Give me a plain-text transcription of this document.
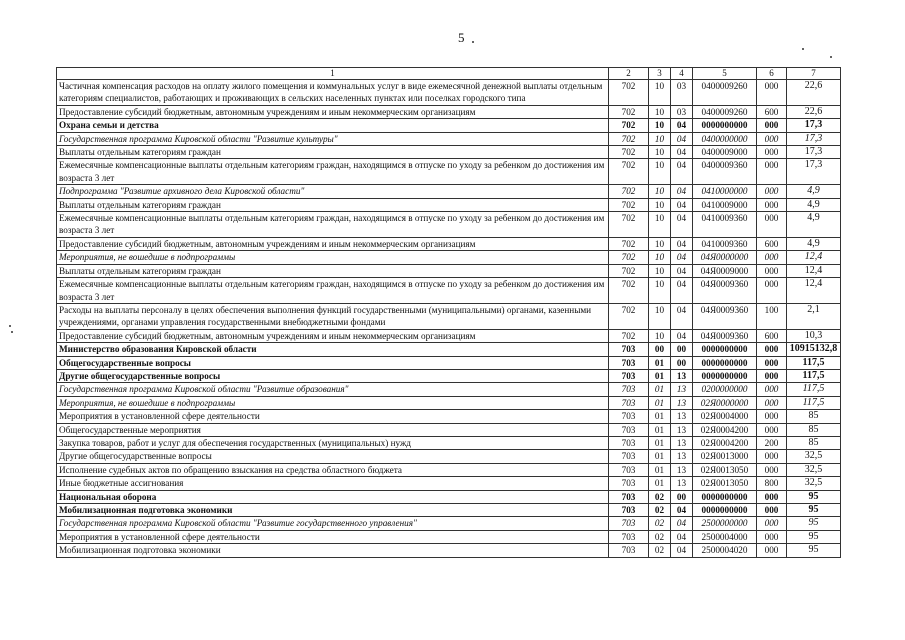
5
1	2	3	4	5	6	7
Частичная компенсация расходов на оплату жилого помещения и коммунальных услуг в виде ежемесячной денежной выплаты отдельным категориям специалистов, работающих и проживающих в сельских населенных пунктах или поселках городского типа	702	10	03	0400009260	000	22,6
Предоставление субсидий бюджетным, автономным учреждениям и иным некоммерческим организациям	702	10	03	0400009260	600	22,6
Охрана семьи и детства	702	10	04	0000000000	000	17,3
Государственная программа Кировской области "Развитие культуры"	702	10	04	0400000000	000	17,3
Выплаты отдельным категориям граждан	702	10	04	0400009000	000	17,3
Ежемесячные компенсационные выплаты отдельным категориям граждан, находящимся в отпуске по уходу за ребенком до достижения им возраста 3 лет	702	10	04	0400009360	000	17,3
Подпрограмма "Развитие архивного дела Кировской области"	702	10	04	0410000000	000	4,9
Выплаты отдельным категориям граждан	702	10	04	0410009000	000	4,9
Ежемесячные компенсационные выплаты отдельным категориям граждан, находящимся в отпуске по уходу за ребенком до достижения им возраста 3 лет	702	10	04	0410009360	000	4,9
Предоставление субсидий бюджетным, автономным учреждениям и иным некоммерческим организациям	702	10	04	0410009360	600	4,9
Мероприятия, не вошедшие в подпрограммы	702	10	04	04Я0000000	000	12,4
Выплаты отдельным категориям граждан	702	10	04	04Я0009000	000	12,4
Ежемесячные компенсационные выплаты отдельным категориям граждан, находящимся в отпуске по уходу за ребенком до достижения им возраста 3 лет	702	10	04	04Я0009360	000	12,4
Расходы на выплаты персоналу в целях обеспечения выполнения функций государственными (муниципальными) органами, казенными учреждениями, органами управления государственными внебюджетными фондами	702	10	04	04Я0009360	100	2,1
Предоставление субсидий бюджетным, автономным учреждениям и иным некоммерческим организациям	702	10	04	04Я0009360	600	10,3
Министерство образования Кировской области	703	00	00	0000000000	000	10915132,8
Общегосударственные вопросы	703	01	00	0000000000	000	117,5
Другие общегосударственные вопросы	703	01	13	0000000000	000	117,5
Государственная программа Кировской области "Развитие образования"	703	01	13	0200000000	000	117,5
Мероприятия, не вошедшие в подпрограммы	703	01	13	02Я0000000	000	117,5
Мероприятия в установленной сфере деятельности	703	01	13	02Я0004000	000	85
Общегосударственные мероприятия	703	01	13	02Я0004200	000	85
Закупка товаров, работ и услуг для обеспечения государственных (муниципальных) нужд	703	01	13	02Я0004200	200	85
Другие общегосударственные вопросы	703	01	13	02Я0013000	000	32,5
Исполнение судебных актов по обращению взыскания на средства областного бюджета	703	01	13	02Я0013050	000	32,5
Иные бюджетные ассигнования	703	01	13	02Я0013050	800	32,5
Национальная оборона	703	02	00	0000000000	000	95
Мобилизационная подготовка экономики	703	02	04	0000000000	000	95
Государственная программа Кировской области "Развитие государственного управления"	703	02	04	2500000000	000	95
Мероприятия в установленной сфере деятельности	703	02	04	2500004000	000	95
Мобилизационная подготовка экономики	703	02	04	2500004020	000	95
